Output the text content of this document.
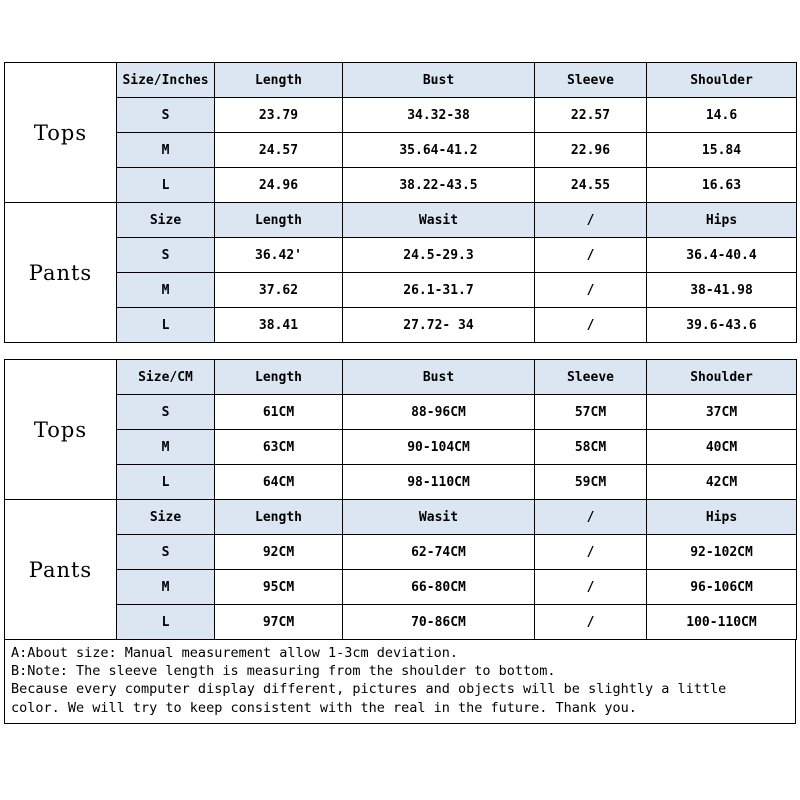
Tops	Size/Inches	Length	Bust	Sleeve	Shoulder
	S	23.79	34.32-38	22.57	14.6
	M	24.57	35.64-41.2	22.96	15.84
	L	24.96	38.22-43.5	24.55	16.63
Pants	Size	Length	Wasit	/	Hips
	S	36.42'	24.5-29.3	/	36.4-40.4
	M	37.62	26.1-31.7	/	38-41.98
	L	38.41	27.72- 34	/	39.6-43.6
Tops	Size/CM	Length	Bust	Sleeve	Shoulder
	S	61CM	88-96CM	57CM	37CM
	M	63CM	90-104CM	58CM	40CM
	L	64CM	98-110CM	59CM	42CM
Pants	Size	Length	Wasit	/	Hips
	S	92CM	62-74CM	/	92-102CM
	M	95CM	66-80CM	/	96-106CM
	L	97CM	70-86CM	/	100-110CM

A:About size: Manual measurement allow 1-3cm deviation.

B:Note: The sleeve length is measuring from the shoulder to bottom.

Because every computer display different, pictures and objects will be slightly a little

color. We will try to keep consistent with the real in the future. Thank you.
